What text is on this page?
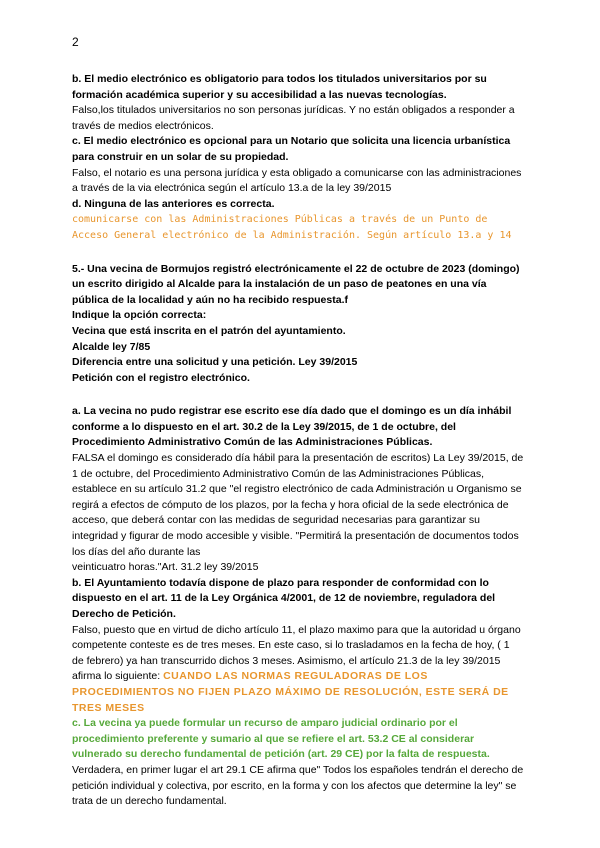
2

b. El medio electrónico es obligatorio para todos los titulados universitarios por su formación académica superior y su accesibilidad a las nuevas tecnologías.

Falso,los titulados universitarios no son personas jurídicas. Y no están obligados a responder a través de medios electrónicos.

c. El medio electrónico es opcional para un Notario que solicita una licencia urbanística para construir en un solar de su propiedad.

Falso, el notario es una persona jurídica y esta obligado a comunicarse con las administraciones a través de la via electrónica según el artículo 13.a de la ley 39/2015

d. Ninguna de las anteriores es correcta.

comunicarse con las Administraciones Públicas a través de un Punto de Acceso General electrónico de la Administración. Según artículo 13.a y 14

5.- Una vecina de Bormujos registró electrónicamente el 22 de octubre de 2023 (domingo) un escrito dirigido al Alcalde para la instalación de un paso de peatones en una vía pública de la localidad y aún no ha recibido respuesta.f

Indique la opción correcta:

Vecina que está inscrita en el patrón del ayuntamiento.

Alcalde ley 7/85

Diferencia entre una solicitud y una petición. Ley 39/2015

Petición con el registro electrónico.

a. La vecina no pudo registrar ese escrito ese día dado que el domingo es un día inhábil conforme a lo dispuesto en el art. 30.2 de la Ley 39/2015, de 1 de octubre, del Procedimiento Administrativo Común de las Administraciones Públicas.

FALSA el domingo es considerado día hábil para la presentación de escritos) La Ley 39/2015, de 1 de octubre, del Procedimiento Administrativo Común de las Administraciones Públicas, establece en su artículo 31.2 que "el registro electrónico de cada Administración u Organismo se regirá a efectos de cómputo de los plazos, por la fecha y hora oficial de la sede electrónica de acceso, que deberá contar con las medidas de seguridad necesarias para garantizar su integridad y figurar de modo accesible y visible. "Permitirá la presentación de documentos todos los días del año durante las

veinticuatro horas."Art. 31.2 ley 39/2015

b. El Ayuntamiento todavía dispone de plazo para responder de conformidad con lo dispuesto en el art. 11 de la Ley Orgánica 4/2001, de 12 de noviembre, reguladora del Derecho de Petición.

Falso, puesto que en virtud de dicho artículo 11, el plazo maximo para que la autoridad u órgano competente conteste es de tres meses. En este caso, si lo trasladamos en la fecha de hoy, ( 1 de febrero) ya han transcurrido dichos 3 meses. Asimismo, el artículo 21.3 de la ley 39/2015 afirma lo siguiente: CUANDO LAS NORMAS REGULADORAS DE LOS PROCEDIMIENTOS NO FIJEN PLAZO MÁXIMO DE RESOLUCIÓN, ESTE SERÁ DE TRES MESES

c. La vecina ya puede formular un recurso de amparo judicial ordinario por el procedimiento preferente y sumario al que se refiere el art. 53.2 CE al considerar vulnerado su derecho fundamental de petición (art. 29 CE) por la falta de respuesta.

Verdadera, en primer lugar el art 29.1 CE afirma que" Todos los españoles tendrán el derecho de petición individual y colectiva, por escrito, en la forma y con los afectos que determine la ley" se trata de un derecho fundamental.
